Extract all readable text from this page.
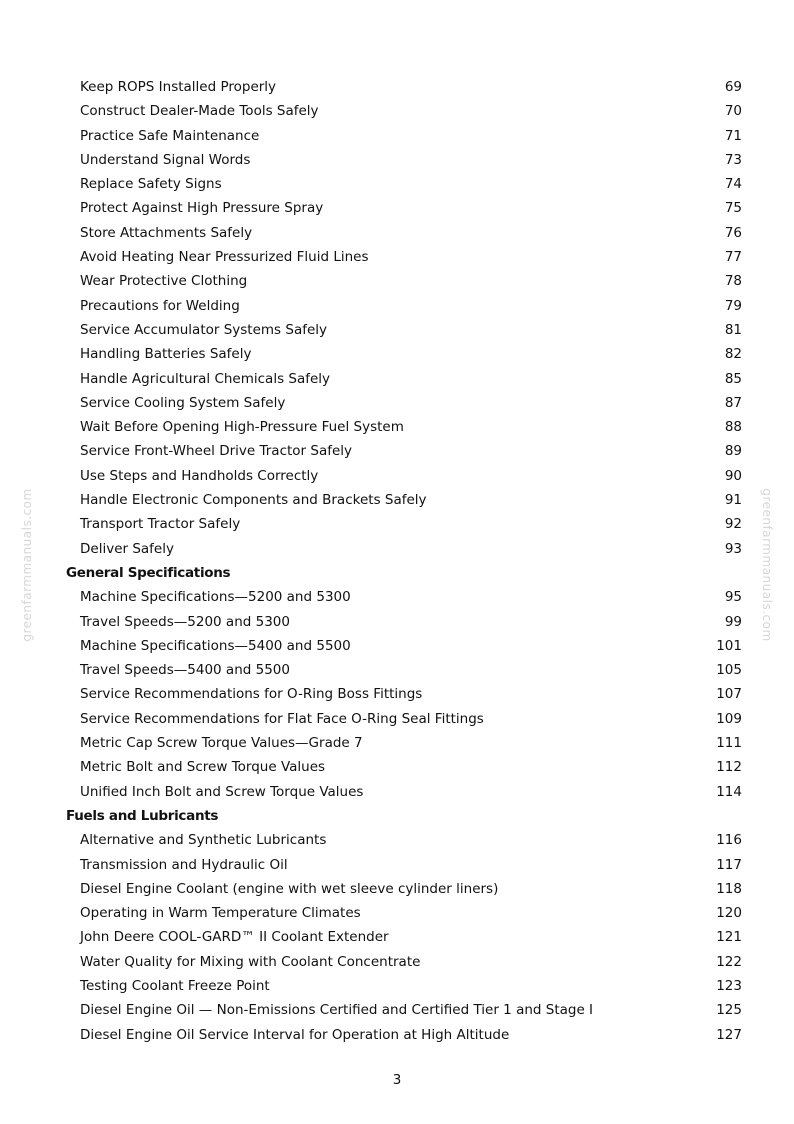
Keep ROPS Installed Properly	69
Construct Dealer-Made Tools Safely	70
Practice Safe Maintenance	71
Understand Signal Words	73
Replace Safety Signs	74
Protect Against High Pressure Spray	75
Store Attachments Safely	76
Avoid Heating Near Pressurized Fluid Lines	77
Wear Protective Clothing	78
Precautions for Welding	79
Service Accumulator Systems Safely	81
Handling Batteries Safely	82
Handle Agricultural Chemicals Safely	85
Service Cooling System Safely	87
Wait Before Opening High-Pressure Fuel System	88
Service Front-Wheel Drive Tractor Safely	89
Use Steps and Handholds Correctly	90
Handle Electronic Components and Brackets Safely	91
Transport Tractor Safely	92
Deliver Safely	93
General Specifications
Machine Specifications—5200 and 5300	95
Travel Speeds—5200 and 5300	99
Machine Specifications—5400 and 5500	101
Travel Speeds—5400 and 5500	105
Service Recommendations for O-Ring Boss Fittings	107
Service Recommendations for Flat Face O-Ring Seal Fittings	109
Metric Cap Screw Torque Values—Grade 7	111
Metric Bolt and Screw Torque Values	112
Unified Inch Bolt and Screw Torque Values	114
Fuels and Lubricants
Alternative and Synthetic Lubricants	116
Transmission and Hydraulic Oil	117
Diesel Engine Coolant (engine with wet sleeve cylinder liners)	118
Operating in Warm Temperature Climates	120
John Deere COOL-GARD™ II Coolant Extender	121
Water Quality for Mixing with Coolant Concentrate	122
Testing Coolant Freeze Point	123
Diesel Engine Oil — Non-Emissions Certified and Certified Tier 1 and Stage I	125
Diesel Engine Oil Service Interval for Operation at High Altitude	127
greenfarmmanuals.com	greenfarmmanuals.com
3
